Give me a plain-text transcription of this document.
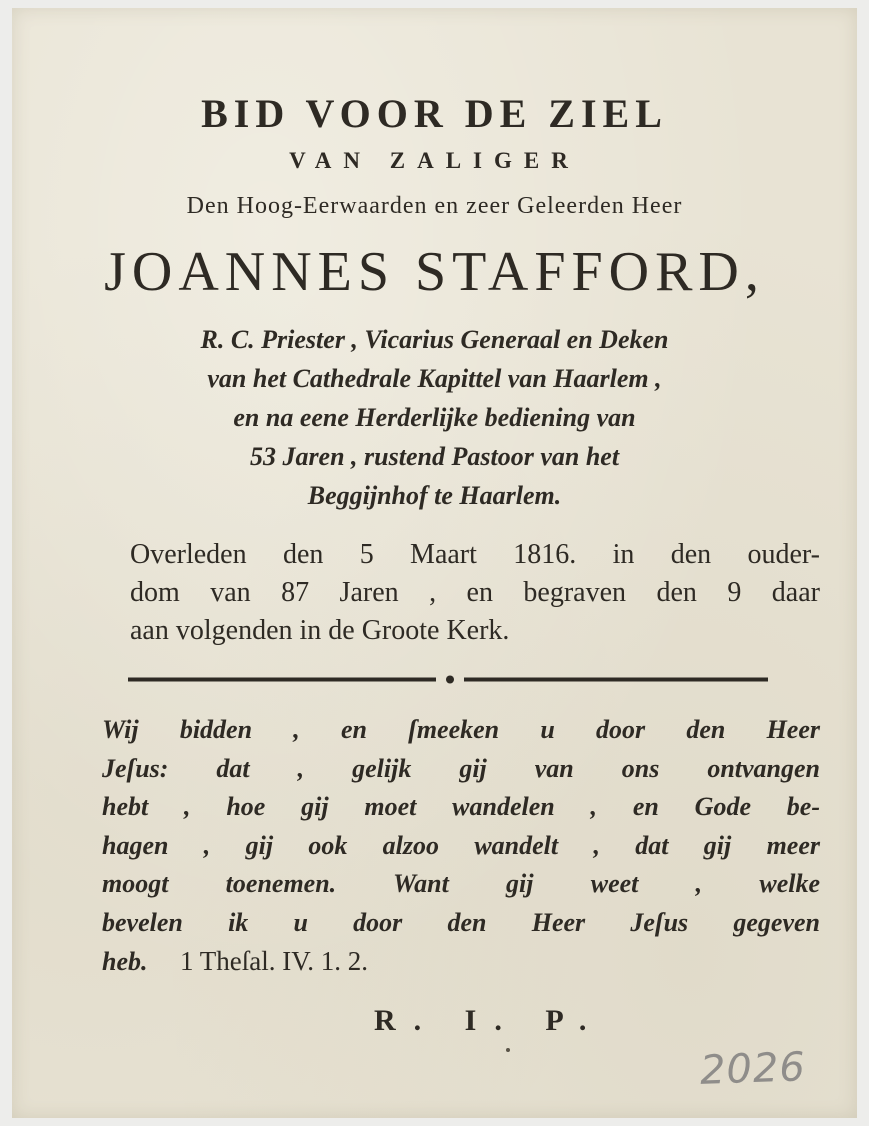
BID VOOR DE ZIEL
VAN ZALIGER
Den Hoog-Eerwaarden en zeer Geleerden Heer
JOANNES STAFFORD,
R. C. Priester , Vicarius Generaal en Deken
van het Cathedrale Kapittel van Haarlem ,
en na eene Herderlijke bediening van
53 Jaren , rustend Pastoor van het
Beggijnhof te Haarlem.
Overleden den 5 Maart 1816. in den ouder-
dom van 87 Jaren , en begraven den 9 daar
aan volgenden in de Groote Kerk.
Wij bidden , en ſmeeken u door den Heer
Jeſus: dat , gelijk gij van ons ontvangen
hebt , hoe gij moet wandelen , en Gode be-
hagen , gij ook alzoo wandelt , dat gij meer
moogt toenemen. Want gij weet , welke
bevelen ik u door den Heer Jeſus gegeven
heb. 1 Theſal. IV. 1. 2.
R. I. P.
2026
